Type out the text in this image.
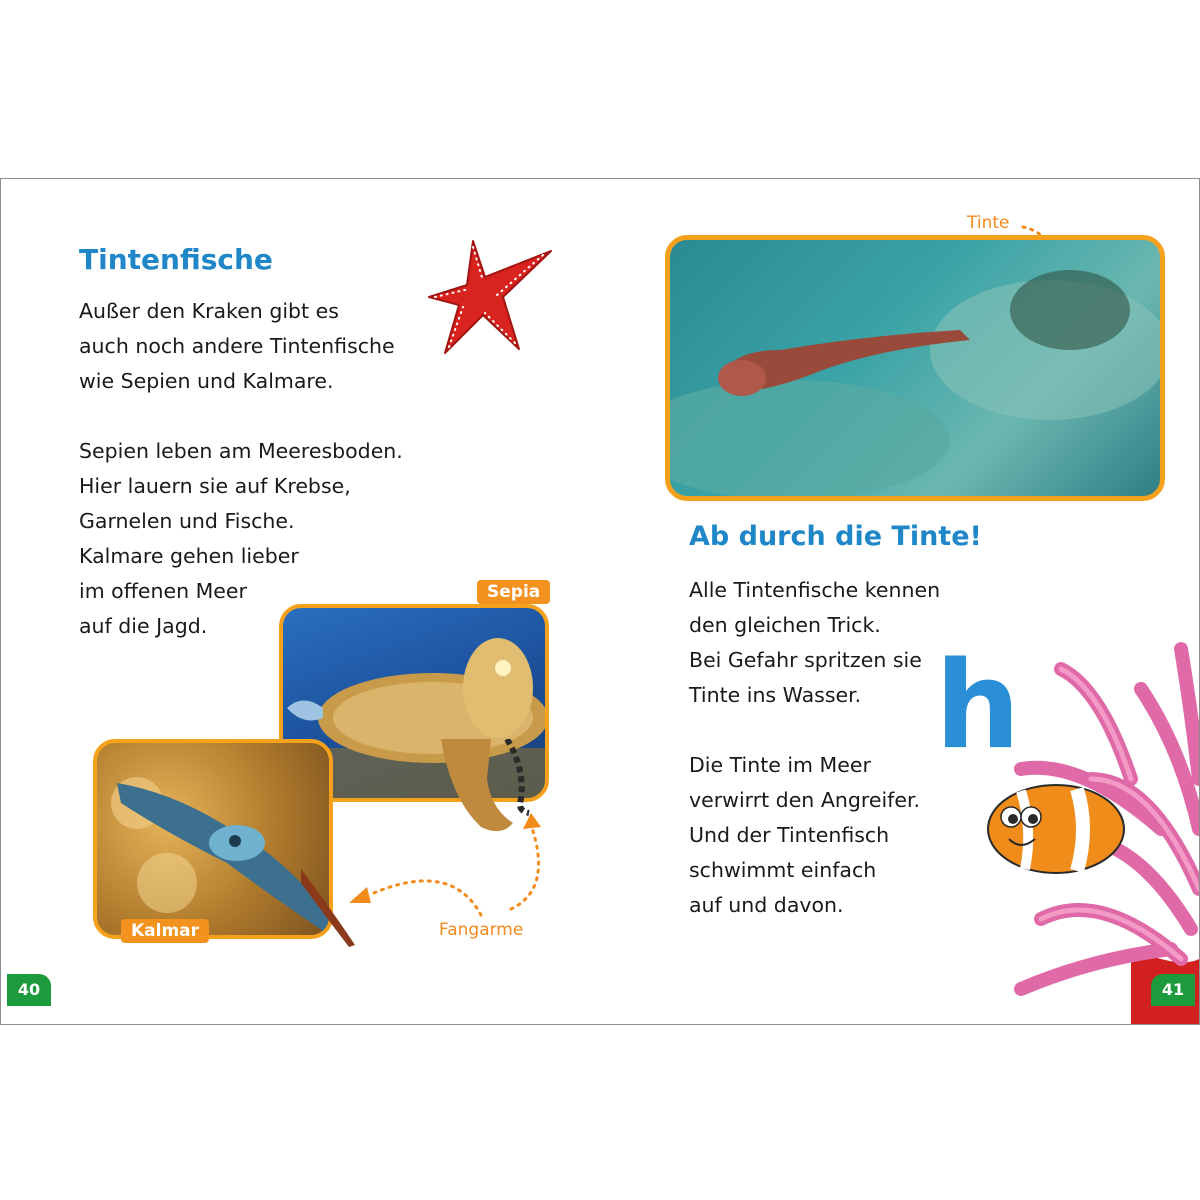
Tintenfische
Außer den Kraken gibt es
auch noch andere Tintenfische
wie Sepien und Kalmare.
Sepien leben am Meeresboden.
Hier lauern sie auf Krebse,
Garnelen und Fische.
Kalmare gehen lieber
im offenen Meer
auf die Jagd.
Sepia
Kalmar	Fangarme
40
Tinte
Ab durch die Tinte!
Alle Tintenfische kennen
den gleichen Trick.
Bei Gefahr spritzen sie
Tinte ins Wasser.
Die Tinte im Meer
verwirrt den Angreifer.
Und der Tintenfisch
schwimmt einfach
auf und davon.
h
41
